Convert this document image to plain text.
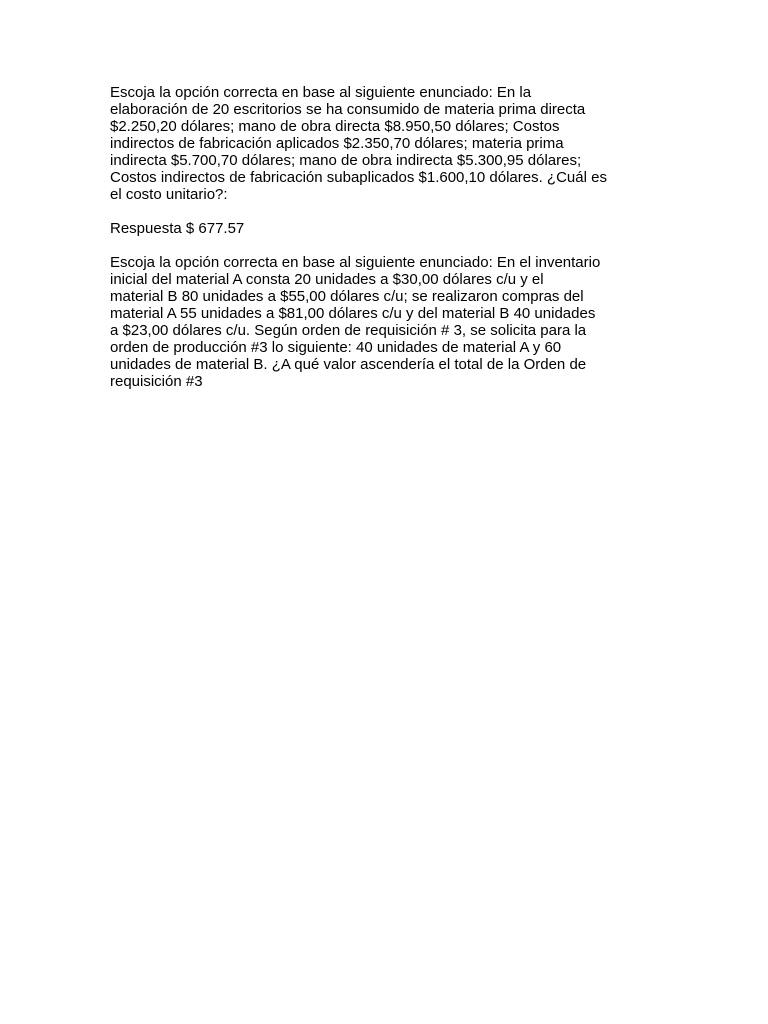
Escoja la opción correcta en base al siguiente enunciado: En la
elaboración de 20 escritorios se ha consumido de materia prima directa
$2.250,20 dólares; mano de obra directa $8.950,50 dólares; Costos
indirectos de fabricación aplicados $2.350,70 dólares; materia prima
indirecta $5.700,70 dólares; mano de obra indirecta $5.300,95 dólares;
Costos indirectos de fabricación subaplicados $1.600,10 dólares. ¿Cuál es
el costo unitario?:

Respuesta $ 677.57

Escoja la opción correcta en base al siguiente enunciado: En el inventario
inicial del material A consta 20 unidades a $30,00 dólares c/u y el
material B 80 unidades a $55,00 dólares c/u; se realizaron compras del
material A 55 unidades a $81,00 dólares c/u y del material B 40 unidades
a $23,00 dólares c/u. Según orden de requisición # 3, se solicita para la
orden de producción #3 lo siguiente: 40 unidades de material A y 60
unidades de material B. ¿A qué valor ascendería el total de la Orden de
requisición #3
